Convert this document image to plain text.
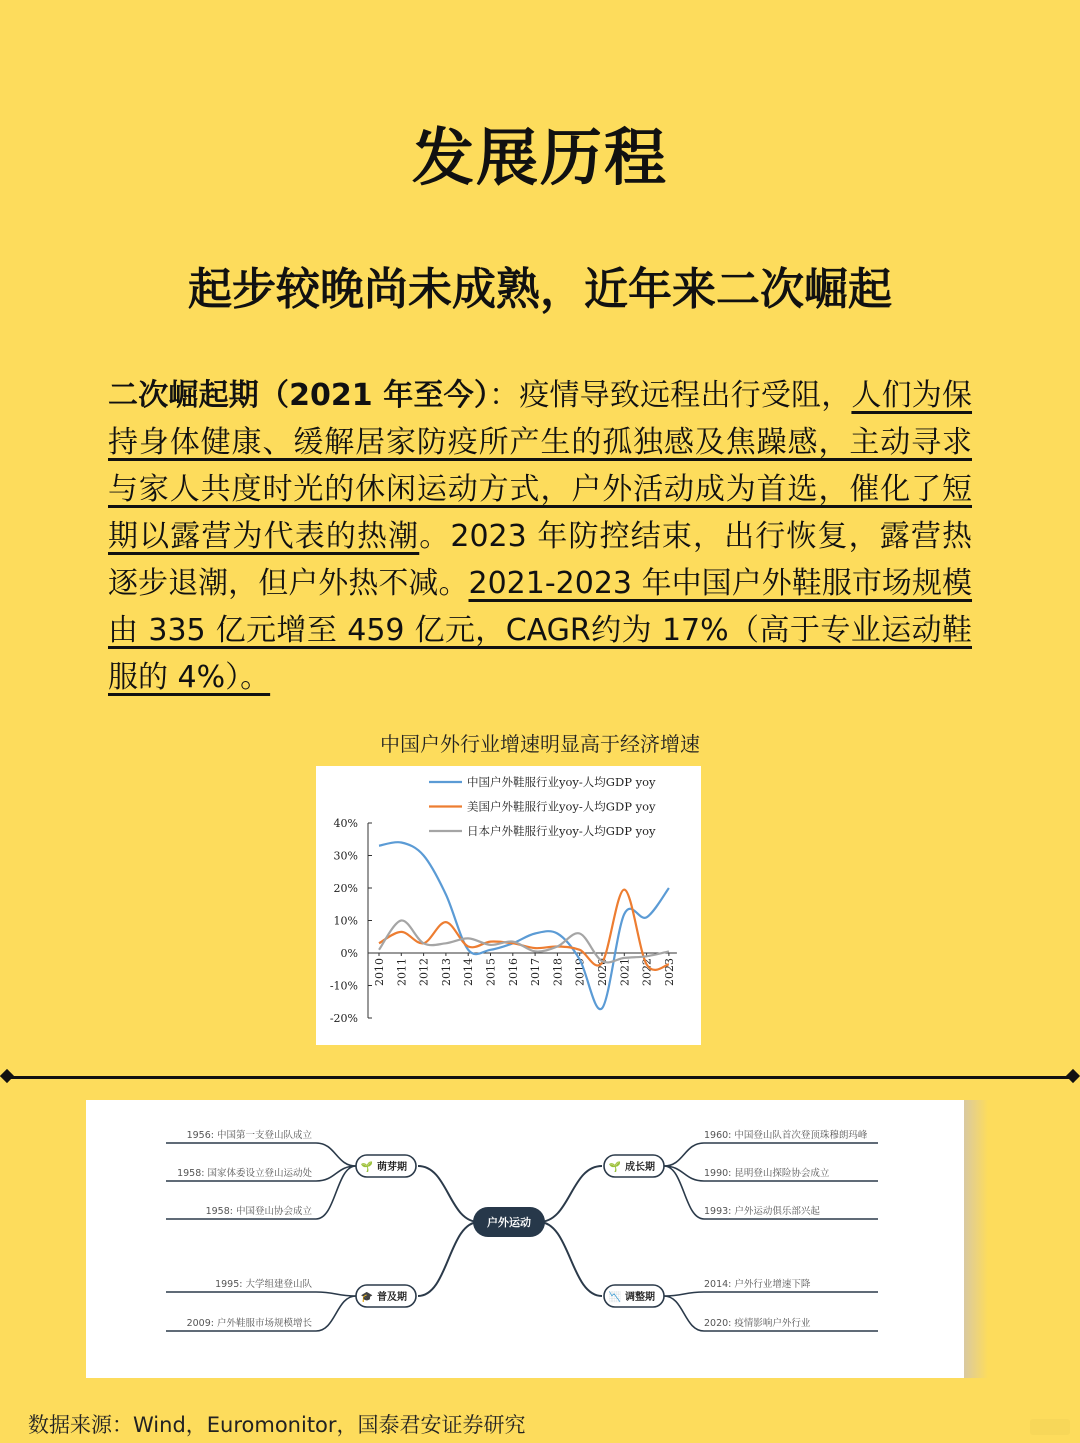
发展历程
起步较晚尚未成熟，近年来二次崛起
二次崛起期（2021 年至今）：疫情导致远程出行受阻，人们为保持身体健康、缓解居家防疫所产生的孤独感及焦躁感，主动寻求与家人共度时光的休闲运动方式，户外活动成为首选，催化了短期以露营为代表的热潮。2023 年防控结束，出行恢复，露营热逐步退潮，但户外热不减。2021-2023 年中国户外鞋服市场规模由 335 亿元增至 459 亿元，CAGR约为 17%（高于专业运动鞋服的 4%）。
中国户外行业增速明显高于经济增速
40%
30%
20%
10%
0%
-10%
-20%
2010 2011 2012 2013 2014 2015 2016 2017 2018 2019 2020 2021 2022 2023
中国户外鞋服行业yoy-人均GDP yoy
美国户外鞋服行业yoy-人均GDP yoy
日本户外鞋服行业yoy-人均GDP yoy
户外运动
1956: 中国第一支登山队成立
1958: 国家体委设立登山运动处
1958: 中国登山协会成立
🌱 萌芽期
1960: 中国登山队首次登顶珠穆朗玛峰
1990: 昆明登山探险协会成立
1993: 户外运动俱乐部兴起
🌱 成长期
1995: 大学组建登山队
2009: 户外鞋服市场规模增长
🎓 普及期
2014: 户外行业增速下降
2020: 疫情影响户外行业
📉 调整期
数据来源：Wind，Euromonitor，国泰君安证券研究
